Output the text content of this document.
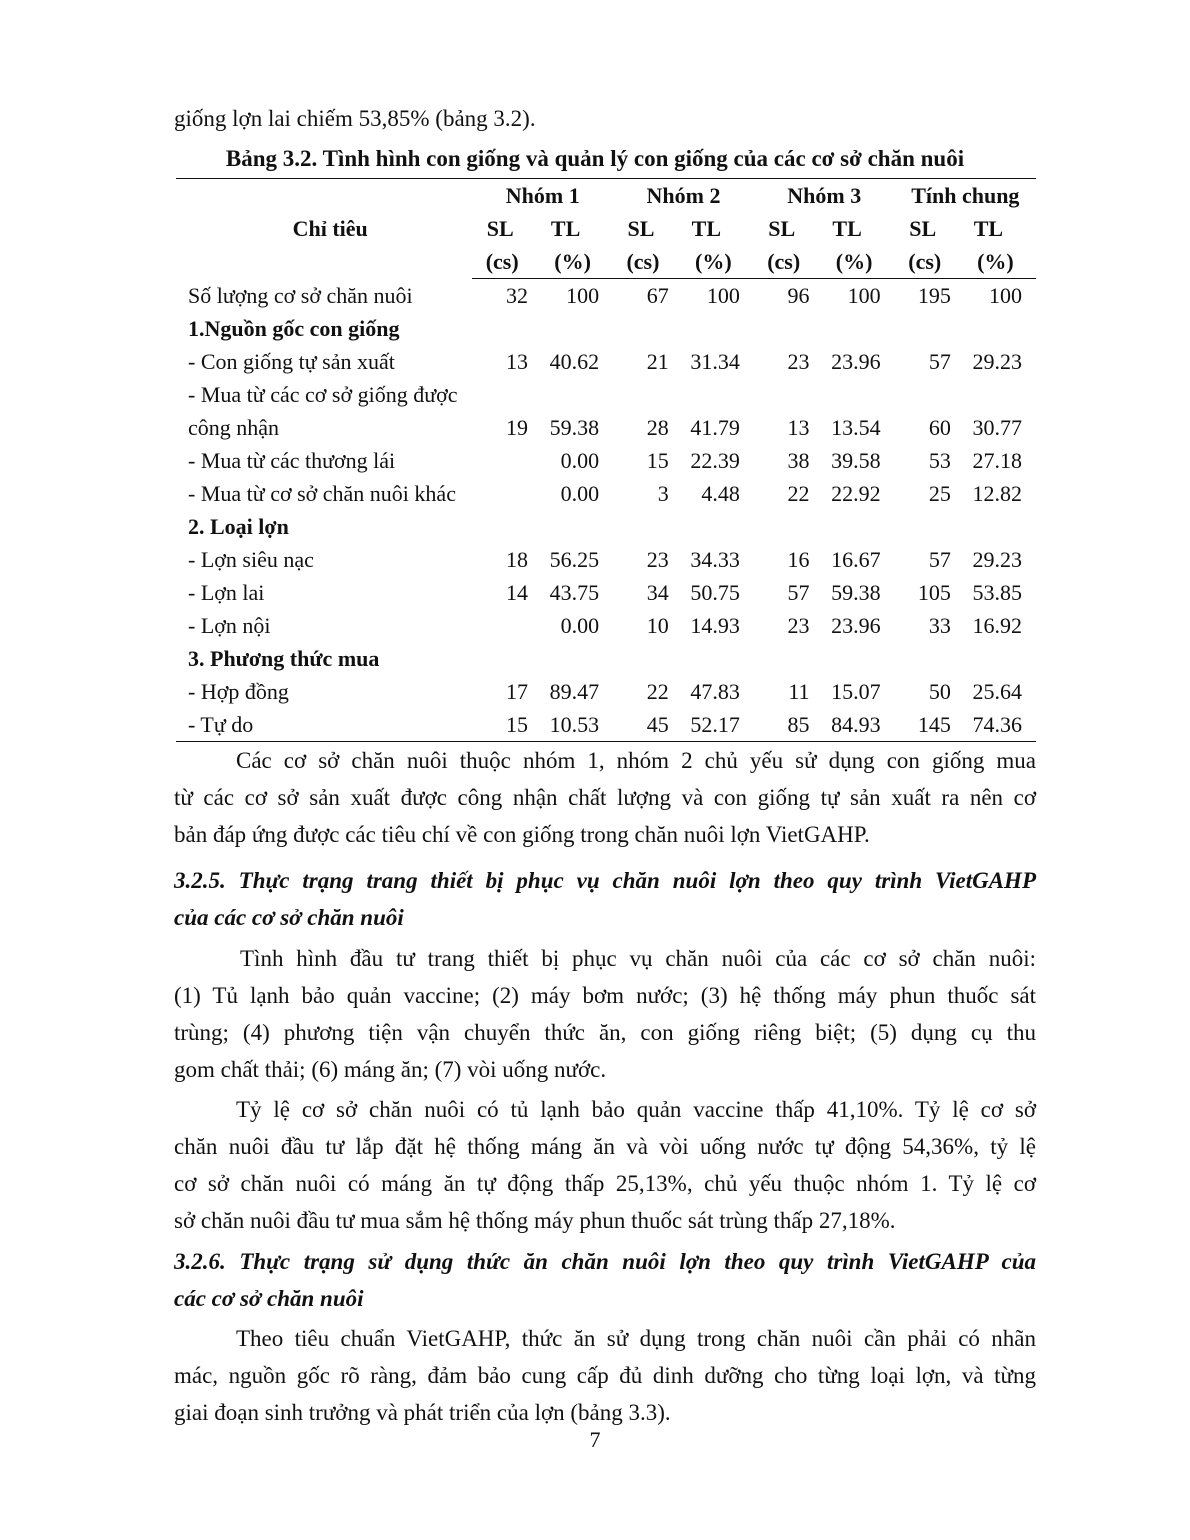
giống lợn lai chiếm 53,85% (bảng 3.2).
Bảng 3.2. Tình hình con giống và quản lý con giống của các cơ sở chăn nuôi
Chỉ tiêu	Nhóm 1		Nhóm 2		Nhóm 3		Tính chung	
	SL	TL	SL	TL	SL	TL	SL	TL
	(cs)	(%)	(cs)	(%)	(cs)	(%)	(cs)	(%)
Số lượng cơ sở chăn nuôi	32	100	67	100	96	100	195	100
1.Nguồn gốc con giống								
- Con giống tự sản xuất	13	40.62	21	31.34	23	23.96	57	29.23
- Mua từ các cơ sở giống được								
công nhận	19	59.38	28	41.79	13	13.54	60	30.77
- Mua từ các thương lái		0.00	15	22.39	38	39.58	53	27.18
- Mua từ cơ sở chăn nuôi khác		0.00	3	4.48	22	22.92	25	12.82
2. Loại lợn								
- Lợn siêu nạc	18	56.25	23	34.33	16	16.67	57	29.23
- Lợn lai	14	43.75	34	50.75	57	59.38	105	53.85
- Lợn nội		0.00	10	14.93	23	23.96	33	16.92
3. Phương thức mua								
- Hợp đồng	17	89.47	22	47.83	11	15.07	50	25.64
- Tự do	15	10.53	45	52.17	85	84.93	145	74.36
Các cơ sở chăn nuôi thuộc nhóm 1, nhóm 2 chủ yếu sử dụng con giống mua
từ các cơ sở sản xuất được công nhận chất lượng và con giống tự sản xuất ra nên cơ
bản đáp ứng được các tiêu chí về con giống trong chăn nuôi lợn VietGAHP.
3.2.5. Thực trạng trang thiết bị phục vụ chăn nuôi lợn theo quy trình VietGAHP
của các cơ sở chăn nuôi
Tình hình đầu tư trang thiết bị phục vụ chăn nuôi của các cơ sở chăn nuôi:
(1) Tủ lạnh bảo quản vaccine; (2) máy bơm nước; (3) hệ thống máy phun thuốc sát
trùng; (4) phương tiện vận chuyển thức ăn, con giống riêng biệt; (5) dụng cụ thu
gom chất thải; (6) máng ăn; (7) vòi uống nước.
Tỷ lệ cơ sở chăn nuôi có tủ lạnh bảo quản vaccine thấp 41,10%. Tỷ lệ cơ sở
chăn nuôi đầu tư lắp đặt hệ thống máng ăn và vòi uống nước tự động 54,36%, tỷ lệ
cơ sở chăn nuôi có máng ăn tự động thấp 25,13%, chủ yếu thuộc nhóm 1. Tỷ lệ cơ
sở chăn nuôi đầu tư mua sắm hệ thống máy phun thuốc sát trùng thấp 27,18%.
3.2.6. Thực trạng sử dụng thức ăn chăn nuôi lợn theo quy trình VietGAHP của
các cơ sở chăn nuôi
Theo tiêu chuẩn VietGAHP, thức ăn sử dụng trong chăn nuôi cần phải có nhãn
mác, nguồn gốc rõ ràng, đảm bảo cung cấp đủ dinh dưỡng cho từng loại lợn, và từng
giai đoạn sinh trưởng và phát triển của lợn (bảng 3.3).
7
